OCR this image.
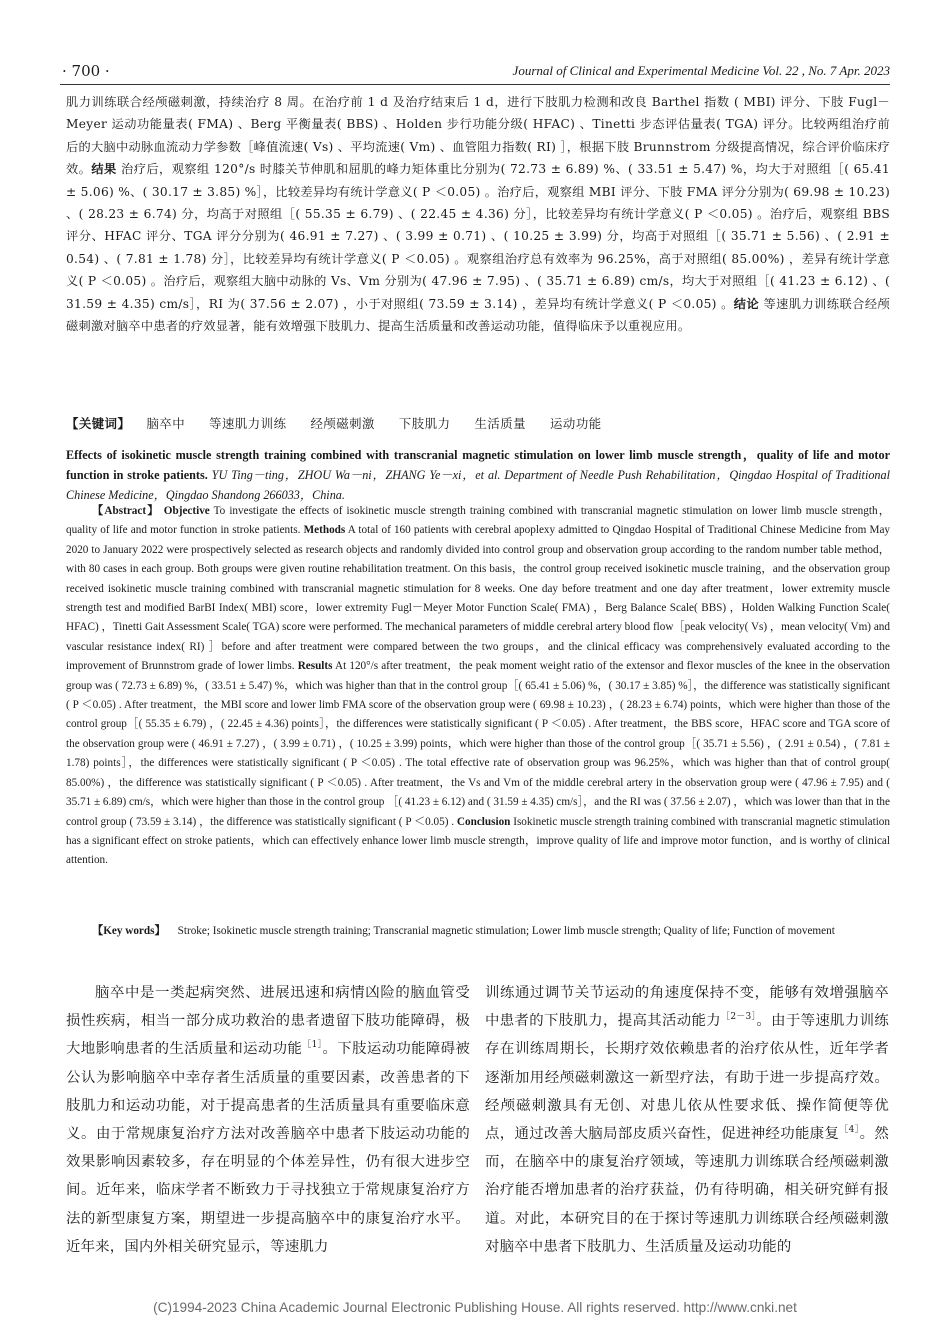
· 700 ·	Journal of Clinical and Experimental Medicine Vol. 22 , No. 7 Apr. 2023
肌力训练联合经颅磁刺激，持续治疗 8 周。在治疗前 1 d 及治疗结束后 1 d，进行下肢肌力检测和改良 Barthel 指数 ( MBI) 评分、下肢 Fugl－Meyer 运动功能量表( FMA) 、Berg 平衡量表( BBS) 、Holden 步行功能分级( HFAC) 、Tinetti 步态评估量表( TGA) 评分。比较两组治疗前后的大脑中动脉血流动力学参数［峰值流速( Vs) 、平均流速( Vm) 、血管阻力指数( RI) ］，根据下肢 Brunnstrom 分级提高情况，综合评价临床疗效。结果 治疗后，观察组 120°/s 时膝关节伸肌和屈肌的峰力矩体重比分别为( 72.73 ± 6.89) %、( 33.51 ± 5.47) %，均大于对照组［( 65.41 ± 5.06) %、( 30.17 ± 3.85) %］，比较差异均有统计学意义( P ＜0.05) 。治疗后，观察组 MBI 评分、下肢 FMA 评分分别为( 69.98 ± 10.23) 、( 28.23 ± 6.74) 分，均高于对照组［( 55.35 ± 6.79) 、( 22.45 ± 4.36) 分］，比较差异均有统计学意义( P ＜0.05) 。治疗后，观察组 BBS 评分、HFAC 评分、TGA 评分分别为( 46.91 ± 7.27) 、( 3.99 ± 0.71) 、( 10.25 ± 3.99) 分，均高于对照组［( 35.71 ± 5.56) 、( 2.91 ± 0.54) 、( 7.81 ± 1.78) 分］，比较差异均有统计学意义( P ＜0.05) 。观察组治疗总有效率为 96.25%，高于对照组( 85.00%) ，差异有统计学意义( P ＜0.05) 。治疗后，观察组大脑中动脉的 Vs、Vm 分别为( 47.96 ± 7.95) 、( 35.71 ± 6.89) cm/s，均大于对照组［( 41.23 ± 6.12) 、( 31.59 ± 4.35) cm/s］，RI 为( 37.56 ± 2.07) ，小于对照组( 73.59 ± 3.14) ，差异均有统计学意义( P ＜0.05) 。结论 等速肌力训练联合经颅磁刺激对脑卒中患者的疗效显著，能有效增强下肢肌力、提高生活质量和改善运动功能，值得临床予以重视应用。
【关键词】 脑卒中 等速肌力训练 经颅磁刺激 下肢肌力 生活质量 运动功能
Effects of isokinetic muscle strength training combined with transcranial magnetic stimulation on lower limb muscle strength，quality of life and motor function in stroke patients. YU Ting－ting，ZHOU Wa－ni，ZHANG Ye－xi，et al. Department of Needle Push Rehabilitation，Qingdao Hospital of Traditional Chinese Medicine，Qingdao Shandong 266033，China.
【Abstract】 Objective To investigate the effects of isokinetic muscle strength training combined with transcranial magnetic stimulation on lower limb muscle strength，quality of life and motor function in stroke patients. Methods A total of 160 patients with cerebral apoplexy admitted to Qingdao Hospital of Traditional Chinese Medicine from May 2020 to January 2022 were prospectively selected as research objects and randomly divided into control group and observation group according to the random number table method，with 80 cases in each group. Both groups were given routine rehabilitation treatment. On this basis，the control group received isokinetic muscle training，and the observation group received isokinetic muscle training combined with transcranial magnetic stimulation for 8 weeks. One day before treatment and one day after treatment，lower extremity muscle strength test and modified BarBI Index( MBI) score，lower extremity Fugl－Meyer Motor Function Scale( FMA) ，Berg Balance Scale( BBS) ，Holden Walking Function Scale( HFAC) ，Tinetti Gait Assessment Scale( TGA) score were performed. The mechanical parameters of middle cerebral artery blood flow［peak velocity( Vs) ，mean velocity( Vm) and vascular resistance index( RI) ］before and after treatment were compared between the two groups，and the clinical efficacy was comprehensively evaluated according to the improvement of Brunnstrom grade of lower limbs. Results At 120°/s after treatment，the peak moment weight ratio of the extensor and flexor muscles of the knee in the observation group was ( 72.73 ± 6.89) %，( 33.51 ± 5.47) %，which was higher than that in the control group［( 65.41 ± 5.06) %，( 30.17 ± 3.85) %］，the difference was statistically significant ( P ＜0.05) . After treatment，the MBI score and lower limb FMA score of the observation group were ( 69.98 ± 10.23) ，( 28.23 ± 6.74) points，which were higher than those of the control group［( 55.35 ± 6.79) ，( 22.45 ± 4.36) points］，the differences were statistically significant ( P ＜0.05) . After treatment，the BBS score，HFAC score and TGA score of the observation group were ( 46.91 ± 7.27) ，( 3.99 ± 0.71) ，( 10.25 ± 3.99) points，which were higher than those of the control group［( 35.71 ± 5.56) ，( 2.91 ± 0.54) ，( 7.81 ± 1.78) points］，the differences were statistically significant ( P ＜0.05) . The total effective rate of observation group was 96.25%，which was higher than that of control group( 85.00%) ，the difference was statistically significant ( P ＜0.05) . After treatment，the Vs and Vm of the middle cerebral artery in the observation group were ( 47.96 ± 7.95) and ( 35.71 ± 6.89) cm/s，which were higher than those in the control group ［( 41.23 ± 6.12) and ( 31.59 ± 4.35) cm/s］，and the RI was ( 37.56 ± 2.07) ，which was lower than that in the control group ( 73.59 ± 3.14) ，the difference was statistically significant ( P ＜0.05) . Conclusion Isokinetic muscle strength training combined with transcranial magnetic stimulation has a significant effect on stroke patients，which can effectively enhance lower limb muscle strength，improve quality of life and improve motor function，and is worthy of clinical attention.
【Key words】 Stroke; Isokinetic muscle strength training; Transcranial magnetic stimulation; Lower limb muscle strength; Quality of life; Function of movement
脑卒中是一类起病突然、进展迅速和病情凶险的脑血管受损性疾病，相当一部分成功救治的患者遗留下肢功能障碍，极大地影响患者的生活质量和运动功能$^{[1]}$。下肢运动功能障碍被公认为影响脑卒中幸存者生活质量的重要因素，改善患者的下肢肌力和运动功能，对于提高患者的生活质量具有重要临床意义。由于常规康复治疗方法对改善脑卒中患者下肢运动功能的效果影响因素较多，存在明显的个体差异性，仍有很大进步空间。近年来，临床学者不断致力于寻找独立于常规康复治疗方法的新型康复方案，期望进一步提高脑卒中的康复治疗水平。近年来，国内外相关研究显示，等速肌力
训练通过调节关节运动的角速度保持不变，能够有效增强脑卒中患者的下肢肌力，提高其活动能力$^{[2-3]}$。由于等速肌力训练存在训练周期长，长期疗效依赖患者的治疗依从性，近年学者逐渐加用经颅磁刺激这一新型疗法，有助于进一步提高疗效。经颅磁刺激具有无创、对患儿依从性要求低、操作简便等优点，通过改善大脑局部皮质兴奋性，促进神经功能康复$^{[4]}$。然而，在脑卒中的康复治疗领域，等速肌力训练联合经颅磁刺激治疗能否增加患者的治疗获益，仍有待明确，相关研究鲜有报道。对此，本研究目的在于探讨等速肌力训练联合经颅磁刺激对脑卒中患者下肢肌力、生活质量及运动功能的
(C)1994-2023 China Academic Journal Electronic Publishing House. All rights reserved. http://www.cnki.net
